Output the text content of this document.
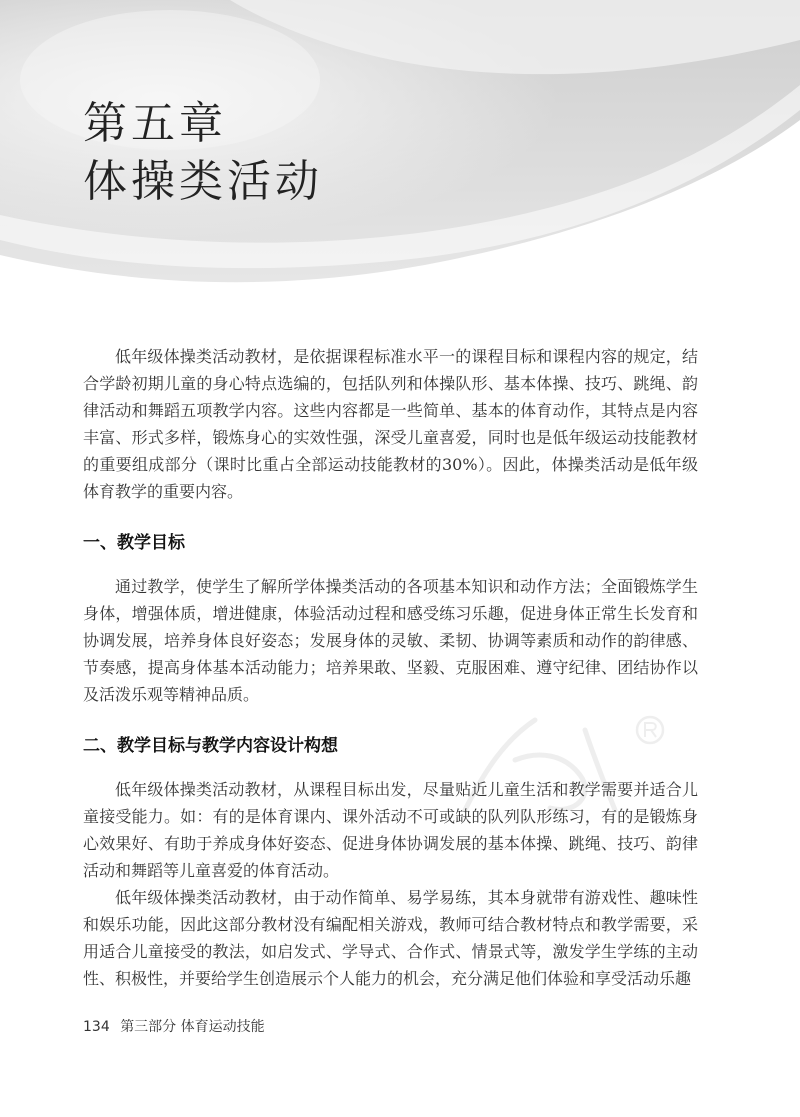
第五章
体操类活动

低年级体操类活动教材，是依据课程标准水平一的课程目标和课程内容的规定，结合学龄初期儿童的身心特点选编的，包括队列和体操队形、基本体操、技巧、跳绳、韵律活动和舞蹈五项教学内容。这些内容都是一些简单、基本的体育动作，其特点是内容丰富、形式多样，锻炼身心的实效性强，深受儿童喜爱，同时也是低年级运动技能教材的重要组成部分（课时比重占全部运动技能教材的30%）。因此，体操类活动是低年级体育教学的重要内容。

一、教学目标

通过教学，使学生了解所学体操类活动的各项基本知识和动作方法；全面锻炼学生身体，增强体质，增进健康，体验活动过程和感受练习乐趣，促进身体正常生长发育和协调发展，培养身体良好姿态；发展身体的灵敏、柔韧、协调等素质和动作的韵律感、节奏感，提高身体基本活动能力；培养果敢、坚毅、克服困难、遵守纪律、团结协作以及活泼乐观等精神品质。

二、教学目标与教学内容设计构想

低年级体操类活动教材，从课程目标出发，尽量贴近儿童生活和教学需要并适合儿童接受能力。如：有的是体育课内、课外活动不可或缺的队列队形练习，有的是锻炼身心效果好、有助于养成身体好姿态、促进身体协调发展的基本体操、跳绳、技巧、韵律活动和舞蹈等儿童喜爱的体育活动。

低年级体操类活动教材，由于动作简单、易学易练，其本身就带有游戏性、趣味性和娱乐功能，因此这部分教材没有编配相关游戏，教师可结合教材特点和教学需要，采用适合儿童接受的教法，如启发式、学导式、合作式、情景式等，激发学生学练的主动性、积极性，并要给学生创造展示个人能力的机会，充分满足他们体验和享受活动乐趣

134 第三部分 体育运动技能
